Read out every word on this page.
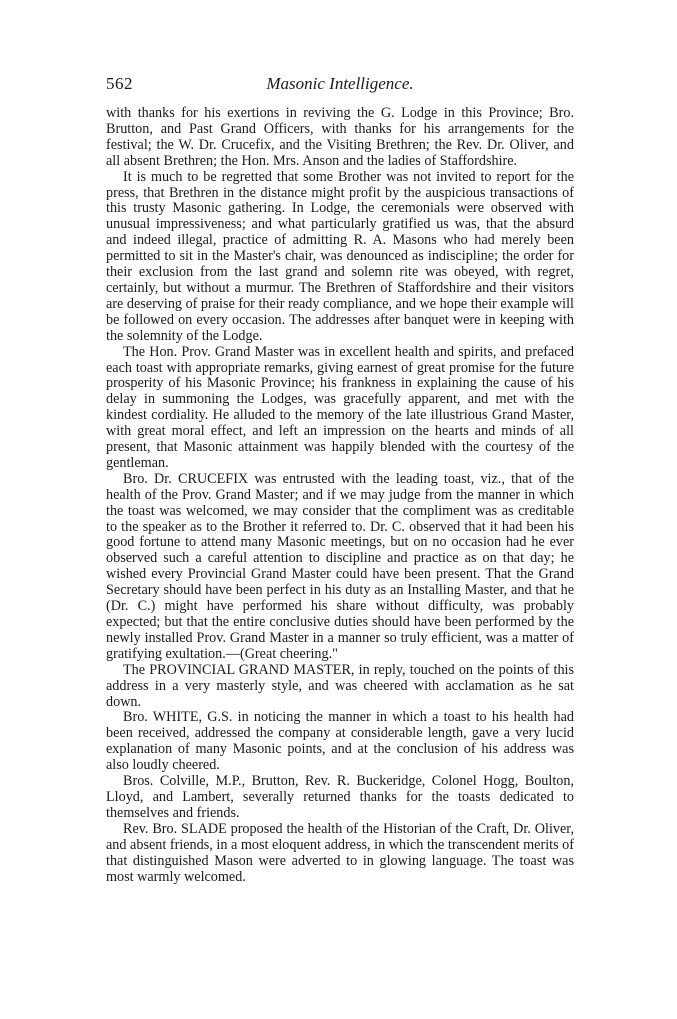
562	Masonic Intelligence.

with thanks for his exertions in reviving the G. Lodge in this Province; Bro. Brutton, and Past Grand Officers, with thanks for his arrangements for the festival; the W. Dr. Crucefix, and the Visiting Brethren; the Rev. Dr. Oliver, and all absent Brethren; the Hon. Mrs. Anson and the ladies of Staffordshire.

It is much to be regretted that some Brother was not invited to report for the press, that Brethren in the distance might profit by the auspicious transactions of this trusty Masonic gathering. In Lodge, the ceremonials were observed with unusual impressiveness; and what particularly gratified us was, that the absurd and indeed illegal, practice of admitting R. A. Masons who had merely been permitted to sit in the Master's chair, was denounced as indiscipline; the order for their exclusion from the last grand and solemn rite was obeyed, with regret, certainly, but without a murmur. The Brethren of Staffordshire and their visitors are deserving of praise for their ready compliance, and we hope their example will be followed on every occasion. The addresses after banquet were in keeping with the solemnity of the Lodge.

The Hon. Prov. Grand Master was in excellent health and spirits, and prefaced each toast with appropriate remarks, giving earnest of great promise for the future prosperity of his Masonic Province; his frankness in explaining the cause of his delay in summoning the Lodges, was gracefully apparent, and met with the kindest cordiality. He alluded to the memory of the late illustrious Grand Master, with great moral effect, and left an impression on the hearts and minds of all present, that Masonic attainment was happily blended with the courtesy of the gentleman.

Bro. Dr. CRUCEFIX was entrusted with the leading toast, viz., that of the health of the Prov. Grand Master; and if we may judge from the manner in which the toast was welcomed, we may consider that the compliment was as creditable to the speaker as to the Brother it referred to. Dr. C. observed that it had been his good fortune to attend many Masonic meetings, but on no occasion had he ever observed such a careful attention to discipline and practice as on that day; he wished every Provincial Grand Master could have been present. That the Grand Secretary should have been perfect in his duty as an Installing Master, and that he (Dr. C.) might have performed his share without difficulty, was probably expected; but that the entire conclusive duties should have been performed by the newly installed Prov. Grand Master in a manner so truly efficient, was a matter of gratifying exultation.—(Great cheering."

The PROVINCIAL GRAND MASTER, in reply, touched on the points of this address in a very masterly style, and was cheered with acclamation as he sat down.

Bro. WHITE, G.S. in noticing the manner in which a toast to his health had been received, addressed the company at considerable length, gave a very lucid explanation of many Masonic points, and at the conclusion of his address was also loudly cheered.

Bros. Colville, M.P., Brutton, Rev. R. Buckeridge, Colonel Hogg, Boulton, Lloyd, and Lambert, severally returned thanks for the toasts dedicated to themselves and friends.

Rev. Bro. SLADE proposed the health of the Historian of the Craft, Dr. Oliver, and absent friends, in a most eloquent address, in which the transcendent merits of that distinguished Mason were adverted to in glowing language. The toast was most warmly welcomed.
